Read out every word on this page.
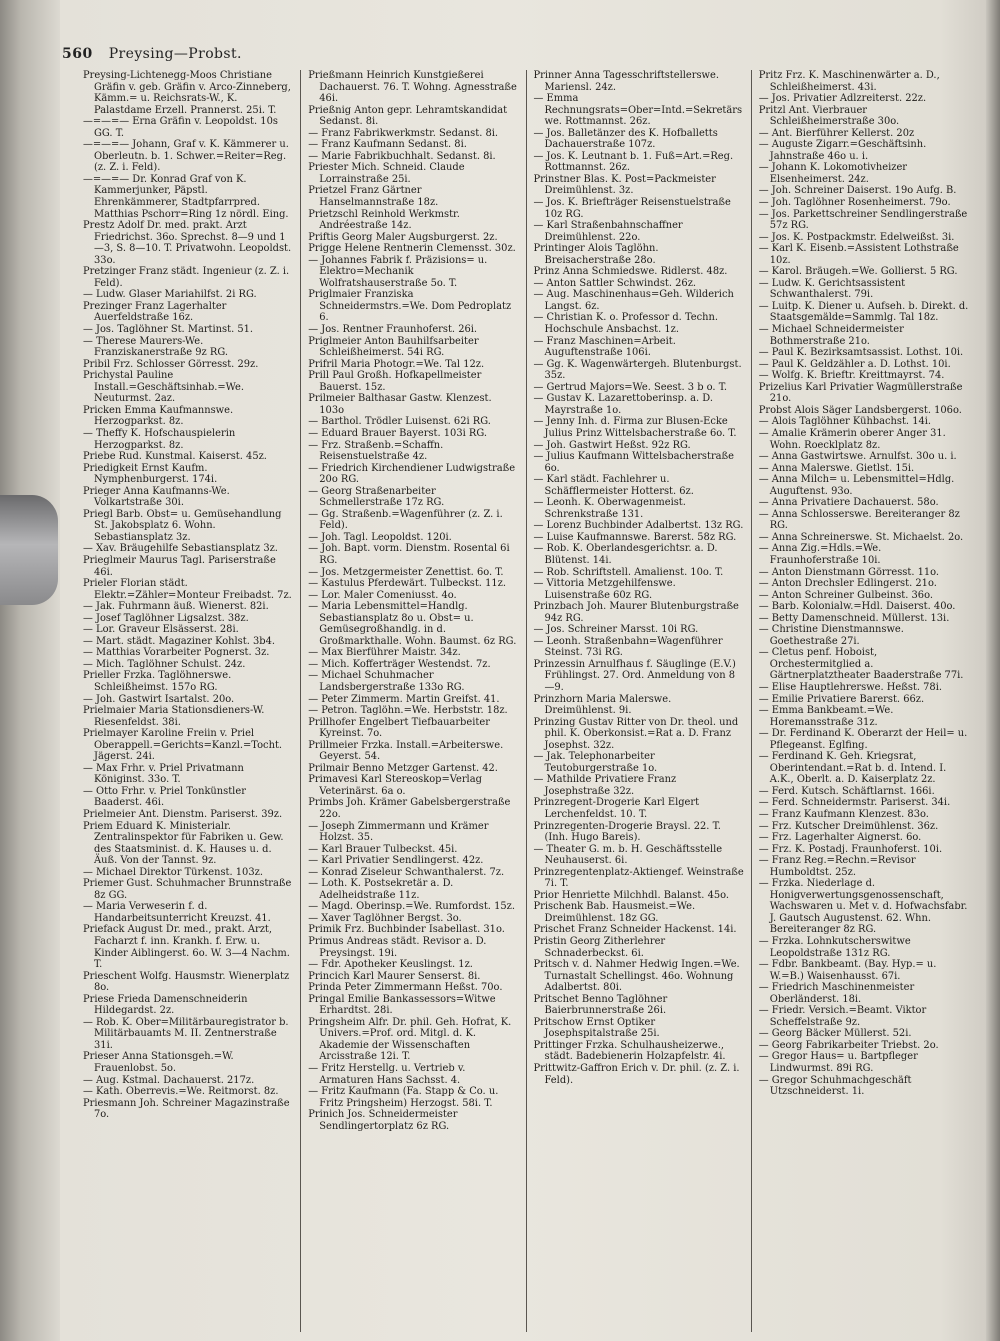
560 Preysing—Probst.

Preysing-Lichtenegg-Moos Christiane Gräfin v. geb. Gräfin v. Arco-Zinneberg, Kämm.= u. Reichsrats-W., K. Palastdame Erzell. Prannerst. 25i. T.

—=—=— Erna Gräfin v. Leopoldst. 10s GG. T.

—=—=— Johann, Graf v. K. Kämmerer u. Oberleutn. b. 1. Schwer.=Reiter=Reg. (z. Z. i. Feld).

—=—=— Dr. Konrad Graf von K. Kammerjunker, Päpstl. Ehrenkämmerer, Stadtpfarrpred. Matthias Pschorr=Ring 1z nördl. Eing.

Prestz Adolf Dr. med. prakt. Arzt Friedrichst. 36o. Sprechst. 8—9 und 1—3, S. 8—10. T. Privatwohn. Leopoldst. 33o.

Pretzinger Franz städt. Ingenieur (z. Z. i. Feld).

— Ludw. Glaser Mariahilfst. 2i RG.

Prezinger Franz Lagerhalter Auerfeldstraße 16z.

— Jos. Taglöhner St. Martinst. 51.

— Therese Maurers-We. Franziskanerstraße 9z RG.

Pribil Frz. Schlosser Görresst. 29z.

Prichystal Pauline Install.=Geschäftsinhab.=We. Neuturmst. 2az.

Pricken Emma Kaufmannswe. Herzogparkst. 8z.

— Theffy K. Hofschauspielerin Herzogparkst. 8z.

Priebe Rud. Kunstmal. Kaiserst. 45z.

Priedigkeit Ernst Kaufm. Nymphenburgerst. 174i.

Prieger Anna Kaufmanns-We. Volkartstraße 30i.

Priegl Barb. Obst= u. Gemüsehandlung St. Jakobsplatz 6. Wohn. Sebastiansplatz 3z.

— Xav. Bräugehilfe Sebastiansplatz 3z.

Prieglmeir Maurus Tagl. Pariserstraße 46i.

Prieler Florian städt. Elektr.=Zähler=Monteur Freibadst. 7z.

— Jak. Fuhrmann äuß. Wienerst. 82i.

— Josef Taglöhner Ligsalzst. 38z.

— Lor. Graveur Elsässerst. 28i.

— Mart. städt. Magaziner Kohlst. 3b4.

— Matthias Vorarbeiter Pognerst. 3z.

— Mich. Taglöhner Schulst. 24z.

Prieller Frzka. Taglöhnerswe. Schleißheimst. 157o RG.

— Joh. Gastwirt Isartalst. 20o.

Prielmaier Maria Stationsdieners-W. Riesenfeldst. 38i.

Prielmayer Karoline Freiin v. Priel Oberappell.=Gerichts=Kanzl.=Tocht. Jägerst. 24i.

— Max Frhr. v. Priel Privatmann Königinst. 33o. T.

— Otto Frhr. v. Priel Tonkünstler Baaderst. 46i.

Prielmeier Ant. Dienstm. Pariserst. 39z.

Priem Eduard K. Ministerialr. Zentralinspektor für Fabriken u. Gew. des Staatsminist. d. K. Hauses u. d. Äuß. Von der Tannst. 9z.

— Michael Direktor Türkenst. 103z.

Priemer Gust. Schuhmacher Brunnstraße 8z GG.

— Maria Verweserin f. d. Handarbeitsunterricht Kreuzst. 41.

Priefack August Dr. med., prakt. Arzt, Facharzt f. inn. Krankh. f. Erw. u. Kinder Aiblingerst. 6o. W. 3—4 Nachm. T.

Prieschent Wolfg. Hausmstr. Wienerplatz 8o.

Priese Frieda Damenschneiderin Hildegardst. 2z.

— Rob. K. Ober=Militärbauregistrator b. Militärbauamts M. II. Zentnerstraße 31i.

Prieser Anna Stationsgeh.=W. Frauenlobst. 5o.

— Aug. Kstmal. Dachauerst. 217z.

— Kath. Oberrevis.=We. Reitmorst. 8z.

Priesmann Joh. Schreiner Magazinstraße 7o.

Prießmann Heinrich Kunstgießerei Dachauerst. 76. T. Wohng. Agnesstraße 46i.

Prießnig Anton gepr. Lehramtskandidat Sedanst. 8i.

— Franz Fabrikwerkmstr. Sedanst. 8i.

— Franz Kaufmann Sedanst. 8i.

— Marie Fabrikbuchhalt. Sedanst. 8i.

Priester Mich. Schneid. Claude Lorrainstraße 25i.

Prietzel Franz Gärtner Hanselmannstraße 18z.

Prietzschl Reinhold Werkmstr. Andréestraße 14z.

Priftis Georg Maler Augsburgerst. 2z.

Prigge Helene Rentnerin Clemensst. 30z.

— Johannes Fabrik f. Präzisions= u. Elektro=Mechanik Wolfratshauserstraße 5o. T.

Priglmaier Franziska Schneidermstrs.=We. Dom Pedroplatz 6.

— Jos. Rentner Fraunhoferst. 26i.

Priglmeier Anton Bauhilfsarbeiter Schleißheimerst. 54i RG.

Prifril Maria Photogr.=We. Tal 12z.

Prill Paul Großh. Hofkapellmeister Bauerst. 15z.

Prilmeier Balthasar Gastw. Klenzest. 103o

— Barthol. Trödler Luisenst. 62i RG.

— Eduard Brauer Bayerst. 103i RG.

— Frz. Straßenb.=Schaffn. Reisenstuelstraße 4z.

— Friedrich Kirchendiener Ludwigstraße 20o RG.

— Georg Straßenarbeiter Schmellerstraße 17z RG.

— Gg. Straßenb.=Wagenführer (z. Z. i. Feld).

— Joh. Tagl. Leopoldst. 120i.

— Joh. Bapt. vorm. Dienstm. Rosental 6i RG.

— Jos. Metzgermeister Zenettist. 6o. T.

— Kastulus Pferdewärt. Tulbeckst. 11z.

— Lor. Maler Comeniusst. 4o.

— Maria Lebensmittel=Handlg. Sebastiansplatz 8o u. Obst= u. Gemüsegroßhandlg. in d. Großmarkthalle. Wohn. Baumst. 6z RG.

— Max Bierführer Maistr. 34z.

— Mich. Kofferträger Westendst. 7z.

— Michael Schuhmacher Landsbergerstraße 133o RG.

— Peter Zimmerm. Martin Greifst. 41.

— Petron. Taglöhn.=We. Herbststr. 18z.

Prillhofer Engelbert Tiefbauarbeiter Kyreinst. 7o.

Prillmeier Frzka. Install.=Arbeiterswe. Geyerst. 54.

Prilmair Benno Metzger Gartenst. 42.

Primavesi Karl Stereoskop=Verlag Veterinärst. 6a o.

Primbs Joh. Krämer Gabelsbergerstraße 22o.

— Joseph Zimmermann und Krämer Holzst. 35.

— Karl Brauer Tulbeckst. 45i.

— Karl Privatier Sendlingerst. 42z.

— Konrad Ziseleur Schwanthalerst. 7z.

— Loth. K. Postsekretär a. D. Adelheidstraße 11z.

— Magd. Oberinsp.=We. Rumfordst. 15z.

— Xaver Taglöhner Bergst. 3o.

Primik Frz. Buchbinder Isabellast. 31o.

Primus Andreas städt. Revisor a. D. Preysingst. 19i.

— Fdr. Apotheker Keuslingst. 1z.

Princich Karl Maurer Senserst. 8i.

Prinda Peter Zimmermann Heßst. 70o.

Pringal Emilie Bankassessors=Witwe Erhardtst. 28i.

Pringsheim Alfr. Dr. phil. Geh. Hofrat, K. Univers.=Prof. ord. Mitgl. d. K. Akademie der Wissenschaften Arcisstraße 12i. T.

— Fritz Herstellg. u. Vertrieb v. Armaturen Hans Sachsst. 4.

— Fritz Kaufmann (Fa. Stapp & Co. u. Fritz Pringsheim) Herzogst. 58i. T.

Prinich Jos. Schneidermeister Sendlingertorplatz 6z RG.

Prinner Anna Tagesschriftstellerswe. Mariensl. 24z.

— Emma Rechnungsrats=Ober=Intd.=Sekretärswe. Rottmannst. 26z.

— Jos. Balletänzer des K. Hofballetts Dachauerstraße 107z.

— Jos. K. Leutnant b. 1. Fuß=Art.=Reg. Rottmannst. 26z.

Prinstner Blas. K. Post=Packmeister Dreimühlenst. 3z.

— Jos. K. Briefträger Reisenstuelstraße 10z RG.

— Karl Straßenbahnschaffner Dreimühlenst. 22o.

Printinger Alois Taglöhn. Breisacherstraße 28o.

Prinz Anna Schmiedswe. Ridlerst. 48z.

— Anton Sattler Schwindst. 26z.

— Aug. Maschinenhaus=Geh. Wilderich Langst. 6z.

— Christian K. o. Professor d. Techn. Hochschule Ansbachst. 1z.

— Franz Maschinen=Arbeit. Auguftenstraße 106i.

— Gg. K. Wagenwärtergeh. Blutenburgst. 35z.

— Gertrud Majors=We. Seest. 3 b o. T.

— Gustav K. Lazarettoberinsp. a. D. Mayrstraße 1o.

— Jenny Inh. d. Firma zur Blusen-Ecke Julius Prinz Wittelsbacherstraße 6o. T.

— Joh. Gastwirt Heßst. 92z RG.

— Julius Kaufmann Wittelsbacherstraße 6o.

— Karl städt. Fachlehrer u. Schäfflermeister Hotterst. 6z.

— Leonh. K. Oberwagenmeist. Schrenkstraße 131.

— Lorenz Buchbinder Adalbertst. 13z RG.

— Luise Kaufmannswe. Barerst. 58z RG.

— Rob. K. Oberlandesgerichtsr. a. D. Blütenst. 14i.

— Rob. Schriftstell. Amalienst. 10o. T.

— Vittoria Metzgehilfenswe. Luisenstraße 60z RG.

Prinzbach Joh. Maurer Blutenburgstraße 94z RG.

— Jos. Schreiner Marsst. 10i RG.

— Leonh. Straßenbahn=Wagenführer Steinst. 73i RG.

Prinzessin Arnulfhaus f. Säuglinge (E.V.) Frühlingst. 27. Ord. Anmeldung von 8—9.

Prinzhorn Maria Malerswe. Dreimühlenst. 9i.

Prinzing Gustav Ritter von Dr. theol. und phil. K. Oberkonsist.=Rat a. D. Franz Josephst. 32z.

— Jak. Telephonarbeiter Teutoburgerstraße 1o.

— Mathilde Privatiere Franz Josephstraße 32z.

Prinzregent-Drogerie Karl Elgert Lerchenfeldst. 10. T.

Prinzregenten-Drogerie Braysl. 22. T. (Inh. Hugo Bareis).

— Theater G. m. b. H. Geschäftsstelle Neuhauserst. 6i.

Prinzregentenplatz-Aktiengef. Weinstraße 7i. T.

Prior Henriette Milchhdl. Balanst. 45o.

Prischenk Bab. Hausmeist.=We. Dreimühlenst. 18z GG.

Prischet Franz Schneider Hackenst. 14i.

Pristin Georg Zitherlehrer Schnaderbeckst. 6i.

Pritsch v. d. Nahmer Hedwig Ingen.=We. Turnastalt Schellingst. 46o. Wohnung Adalbertst. 80i.

Pritschet Benno Taglöhner Baierbrunnerstraße 26i.

Pritschow Ernst Optiker Josephspitalstraße 25i.

Prittinger Frzka. Schulhausheizerwe., städt. Badebienerin Holzapfelstr. 4i.

Prittwitz-Gaffron Erich v. Dr. phil. (z. Z. i. Feld).

Pritz Frz. K. Maschinenwärter a. D., Schleißheimerst. 43i.

— Jos. Privatier Adlzreiterst. 22z.

Pritzl Ant. Vierbrauer Schleißheimerstraße 30o.

— Ant. Bierführer Kellerst. 20z

— Auguste Zigarr.=Geschäftsinh. Jahnstraße 46o u. i.

— Johann K. Lokomotivheizer Elsenheimerst. 24z.

— Joh. Schreiner Daiserst. 19o Aufg. B.

— Joh. Taglöhner Rosenheimerst. 79o.

— Jos. Parkettschreiner Sendlingerstraße 57z RG.

— Jos. K. Postpackmstr. Edelweißst. 3i.

— Karl K. Eisenb.=Assistent Lothstraße 10z.

— Karol. Bräugeh.=We. Gollierst. 5 RG.

— Ludw. K. Gerichtsassistent Schwanthalerst. 79i.

— Luitp. K. Diener u. Aufseh. b. Direkt. d. Staatsgemälde=Sammlg. Tal 18z.

— Michael Schneidermeister Bothmerstraße 21o.

— Paul K. Bezirksamtsassist. Lothst. 10i.

— Paul K. Geldzähler a. D. Lothst. 10i.

— Wolfg. K. Brieftr. Kreittmayrst. 74.

Prizelius Karl Privatier Wagmüllerstraße 21o.

Probst Alois Säger Landsbergerst. 106o.

— Alois Taglöhner Kühbachst. 14i.

— Amalie Krämerin oberer Anger 31. Wohn. Roecklplatz 8z.

— Anna Gastwirtswe. Arnulfst. 30o u. i.

— Anna Malerswe. Gietlst. 15i.

— Anna Milch= u. Lebensmittel=Hdlg. Auguftenst. 93o.

— Anna Privatiere Dachauerst. 58o.

— Anna Schlosserswe. Bereiteranger 8z RG.

— Anna Schreinerswe. St. Michaelst. 2o.

— Anna Zig.=Hdls.=We. Fraunhoferstraße 10i.

— Anton Dienstmann Görresst. 11o.

— Anton Drechsler Edlingerst. 21o.

— Anton Schreiner Gulbeinst. 36o.

— Barb. Kolonialw.=Hdl. Daiserst. 40o.

— Betty Damenschneid. Müllerst. 13i.

— Christine Dienstmannswe. Goethestraße 27i.

— Cletus penf. Hoboist, Orchestermitglied a. Gärtnerplatztheater Baaderstraße 77i.

— Elise Hauptlehrerswe. Heßst. 78i.

— Emilie Privatiere Barerst. 66z.

— Emma Bankbeamt.=We. Horemansstraße 31z.

— Dr. Ferdinand K. Oberarzt der Heil= u. Pflegeanst. Eglfing.

— Ferdinand K. Geh. Kriegsrat, Oberintendant.=Rat b. d. Intend. I. A.K., Oberlt. a. D. Kaiserplatz 2z.

— Ferd. Kutsch. Schäftlarnst. 166i.

— Ferd. Schneidermstr. Pariserst. 34i.

— Franz Kaufmann Klenzest. 83o.

— Frz. Kutscher Dreimühlenst. 36z.

— Frz. Lagerhalter Aignerst. 6o.

— Frz. K. Postadj. Fraunhoferst. 10i.

— Franz Reg.=Rechn.=Revisor Humboldtst. 25z.

— Frzka. Niederlage d. Honigverwertungsgenossenschaft, Wachswaren u. Met v. d. Hofwachsfabr. J. Gautsch Augustenst. 62. Whn. Bereiteranger 8z RG.

— Frzka. Lohnkutscherswitwe Leopoldstraße 131z RG.

— Fdbr. Bankbeamt. (Bay. Hyp.= u. W.=B.) Waisenhausst. 67i.

— Friedrich Maschinenmeister Oberländerst. 18i.

— Friedr. Versich.=Beamt. Viktor Scheffelstraße 9z.

— Georg Bäcker Müllerst. 52i.

— Georg Fabrikarbeiter Triebst. 2o.

— Gregor Haus= u. Bartpfleger Lindwurmst. 89i RG.

— Gregor Schuhmachgeschäft Utzschneiderst. 1i.
